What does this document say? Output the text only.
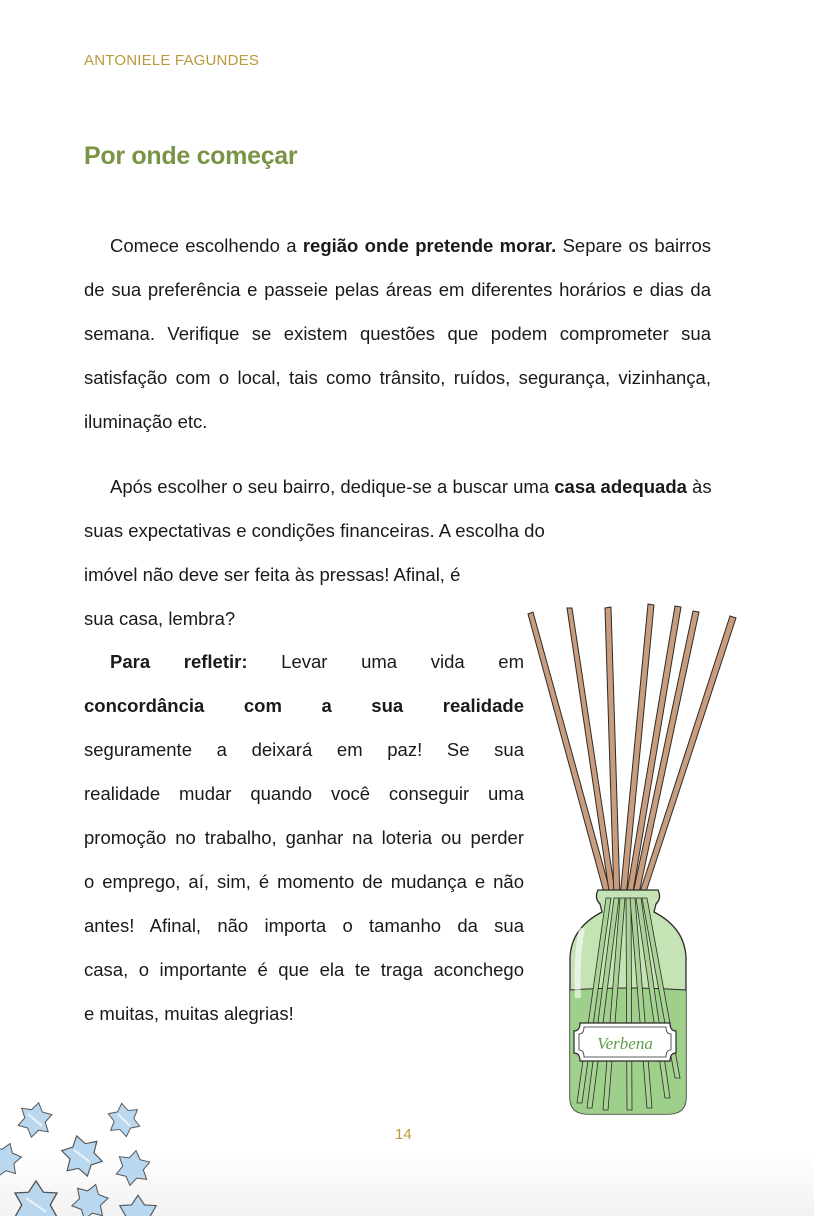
ANTONIELE FAGUNDES
Por onde começar

Comece escolhendo a região onde pretende morar. Separe os bairros de sua preferência e passeie pelas áreas em diferentes horários e dias da semana. Verifique se existem questões que podem comprometer sua satisfação com o local, tais como trânsito, ruídos, segurança, vizinhança, iluminação etc.

Após escolher o seu bairro, dedique-se a buscar uma casa adequada às
suas expectativas e condições financeiras. A escolha do
imóvel não deve ser feita às pressas! Afinal, é
sua casa, lembra?

Para refletir: Levar uma vida em
concordância com a sua realidade
seguramente a deixará em paz! Se sua
realidade mudar quando você conseguir uma
promoção no trabalho, ganhar na loteria ou perder
o emprego, aí, sim, é momento de mudança e não
antes! Afinal, não importa o tamanho da sua
casa, o importante é que ela te traga aconchego
e muitas, muitas alegrias!

Verbena
14
